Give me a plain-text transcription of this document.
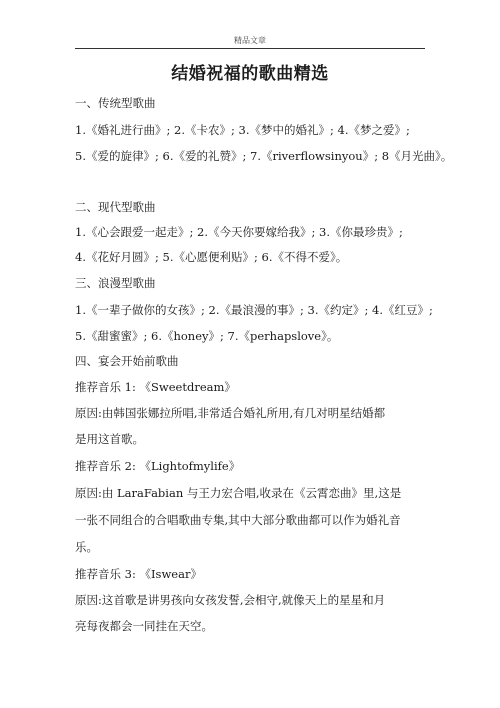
精品文章
结婚祝福的歌曲精选
一、传统型歌曲
1.《婚礼进行曲》; 2.《卡农》; 3.《梦中的婚礼》; 4.《梦之爱》;
5.《爱的旋律》; 6.《爱的礼赞》; 7.《riverflowsinyou》; 8《月光曲》。
二、现代型歌曲
1.《心会跟爱一起走》; 2.《今天你要嫁给我》; 3.《你最珍贵》;
4.《花好月圆》; 5.《心愿便利贴》; 6.《不得不爱》。
三、浪漫型歌曲
1.《一辈子做你的女孩》; 2.《最浪漫的事》; 3.《约定》; 4.《红豆》;
5.《甜蜜蜜》; 6.《honey》; 7.《perhapslove》。
四、宴会开始前歌曲
推荐音乐 1: 《Sweetdream》
原因:由韩国张娜拉所唱,非常适合婚礼所用,有几对明星结婚都
是用这首歌。
推荐音乐 2: 《Lightofmylife》
原因:由 LaraFabian 与王力宏合唱,收录在《云霄恋曲》里,这是
一张不同组合的合唱歌曲专集,其中大部分歌曲都可以作为婚礼音
乐。
推荐音乐 3: 《Iswear》
原因:这首歌是讲男孩向女孩发誓,会相守,就像天上的星星和月
亮每夜都会一同挂在天空。
